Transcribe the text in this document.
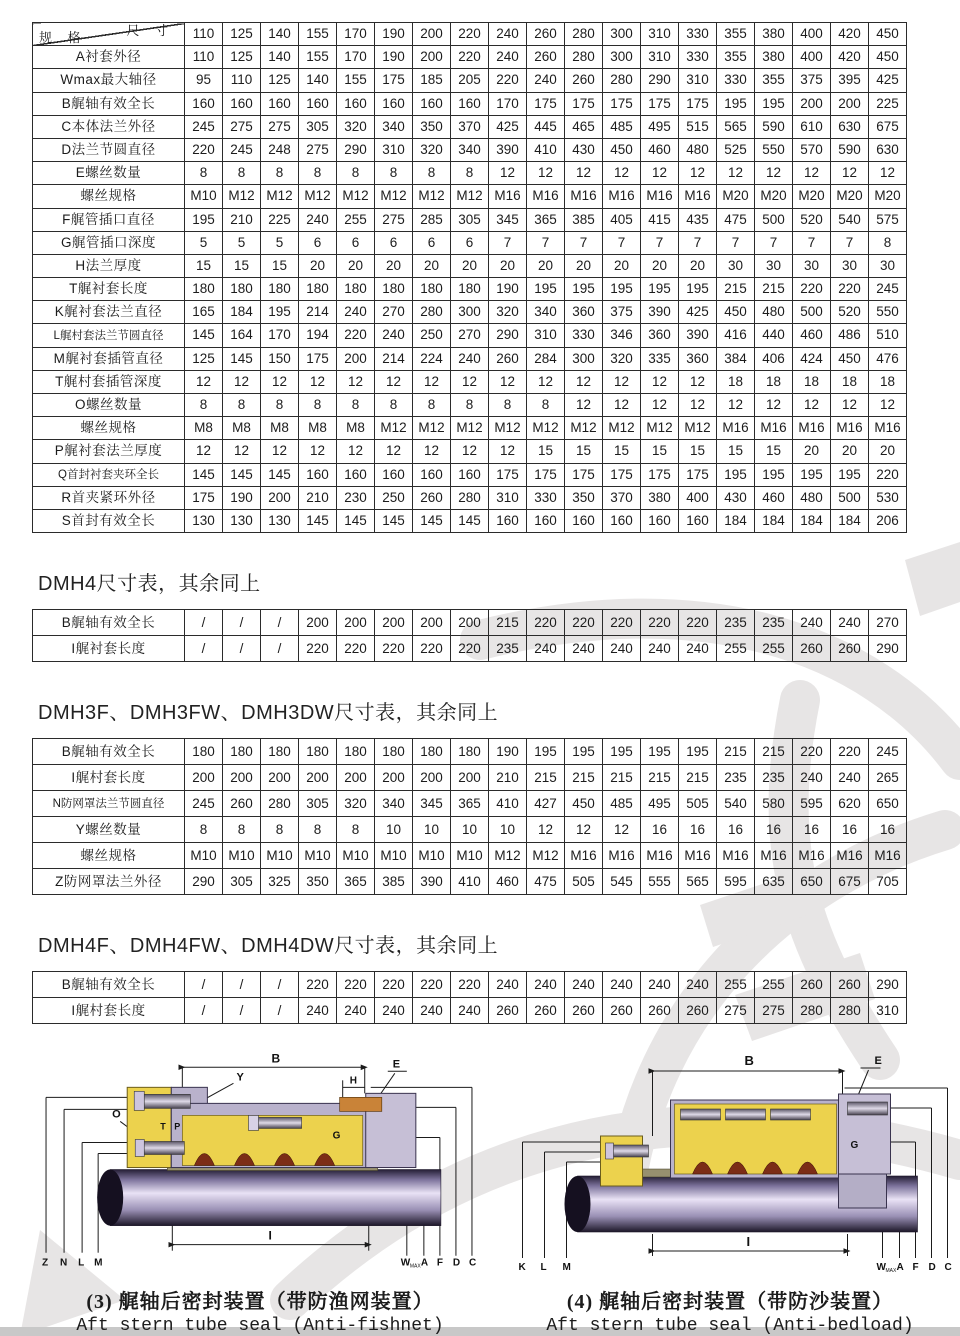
尺 寸
规 格	110	125	140	155	170	190	200	220	240	260	280	300	310	330	355	380	400	420	450
A衬套外径	110	125	140	155	170	190	200	220	240	260	280	300	310	330	355	380	400	420	450
Wmax最大轴径	95	110	125	140	155	175	185	205	220	240	260	280	290	310	330	355	375	395	425
B艉轴有效全长	160	160	160	160	160	160	160	160	170	175	175	175	175	175	195	195	200	200	225
C本体法兰外径	245	275	275	305	320	340	350	370	425	445	465	485	495	515	565	590	610	630	675
D法兰节圆直径	220	245	248	275	290	310	320	340	390	410	430	450	460	480	525	550	570	590	630
E螺丝数量	8	8	8	8	8	8	8	8	12	12	12	12	12	12	12	12	12	12	12
螺丝规格	M10	M12	M12	M12	M12	M12	M12	M12	M16	M16	M16	M16	M16	M16	M20	M20	M20	M20	M20
F艉管插口直径	195	210	225	240	255	275	285	305	345	365	385	405	415	435	475	500	520	540	575
G艉管插口深度	5	5	5	6	6	6	6	6	7	7	7	7	7	7	7	7	7	7	8
H法兰厚度	15	15	15	20	20	20	20	20	20	20	20	20	20	20	30	30	30	30	30
T艉衬套长度	180	180	180	180	180	180	180	180	190	195	195	195	195	195	215	215	220	220	245
K艉衬套法兰直径	165	184	195	214	240	270	280	300	320	340	360	375	390	425	450	480	500	520	550
L艉村套法兰节圆直径	145	164	170	194	220	240	250	270	290	310	330	346	360	390	416	440	460	486	510
M艉衬套插管直径	125	145	150	175	200	214	224	240	260	284	300	320	335	360	384	406	424	450	476
T艉村套插管深度	12	12	12	12	12	12	12	12	12	12	12	12	12	12	18	18	18	18	18
O螺丝数量	8	8	8	8	8	8	8	8	8	8	12	12	12	12	12	12	12	12	12
螺丝规格	M8	M8	M8	M8	M8	M12	M12	M12	M12	M12	M12	M12	M12	M12	M16	M16	M16	M16	M16
P艉衬套法兰厚度	12	12	12	12	12	12	12	12	12	15	15	15	15	15	15	15	20	20	20
Q首封衬套夹环全长	145	145	145	160	160	160	160	160	175	175	175	175	175	175	195	195	195	195	220
R首夹紧环外径	175	190	200	210	230	250	260	280	310	330	350	370	380	400	430	460	480	500	530
S首封有效全长	130	130	130	145	145	145	145	145	160	160	160	160	160	160	184	184	184	184	206
DMH4尺寸表，其余同上
B艉轴有效全长	/	/	/	200	200	200	200	200	215	220	220	220	220	220	235	235	240	240	270
I艉衬套长度	/	/	/	220	220	220	220	220	235	240	240	240	240	240	255	255	260	260	290
DMH3F、DMH3FW、DMH3DW尺寸表，其余同上
B艉轴有效全长	180	180	180	180	180	180	180	180	190	195	195	195	195	195	215	215	220	220	245
I艉村套长度	200	200	200	200	200	200	200	200	210	215	215	215	215	215	235	235	240	240	265
N防网罩法兰节圆直径	245	260	280	305	320	340	345	365	410	427	450	485	495	505	540	580	595	620	650
Y螺丝数量	8	8	8	8	8	10	10	10	10	12	12	12	16	16	16	16	16	16	16
螺丝规格	M10	M10	M10	M10	M10	M10	M10	M10	M12	M12	M16	M16	M16	M16	M16	M16	M16	M16	M16
Z防网罩法兰外径	290	305	325	350	365	385	390	410	460	475	505	545	555	565	595	635	650	675	705
DMH4F、DMH4FW、DMH4DW尺寸表，其余同上
B艉轴有效全长	/	/	/	220	220	220	220	220	240	240	240	240	240	240	255	255	260	260	290
I艉村套长度	/	/	/	240	240	240	240	240	260	260	260	260	260	260	275	275	280	280	310
B
Y	H
E
O
T P
G
Z N L M
I
W MAX A F D C
(3) 艉轴后密封装置（带防渔网装置）
Aft stern tube seal (Anti-fishnet)
B	E
G
K L M
I
W MAX A F D C
(4) 艉轴后密封装置（带防沙装置）
Aft stern tube seal (Anti-bedload)
